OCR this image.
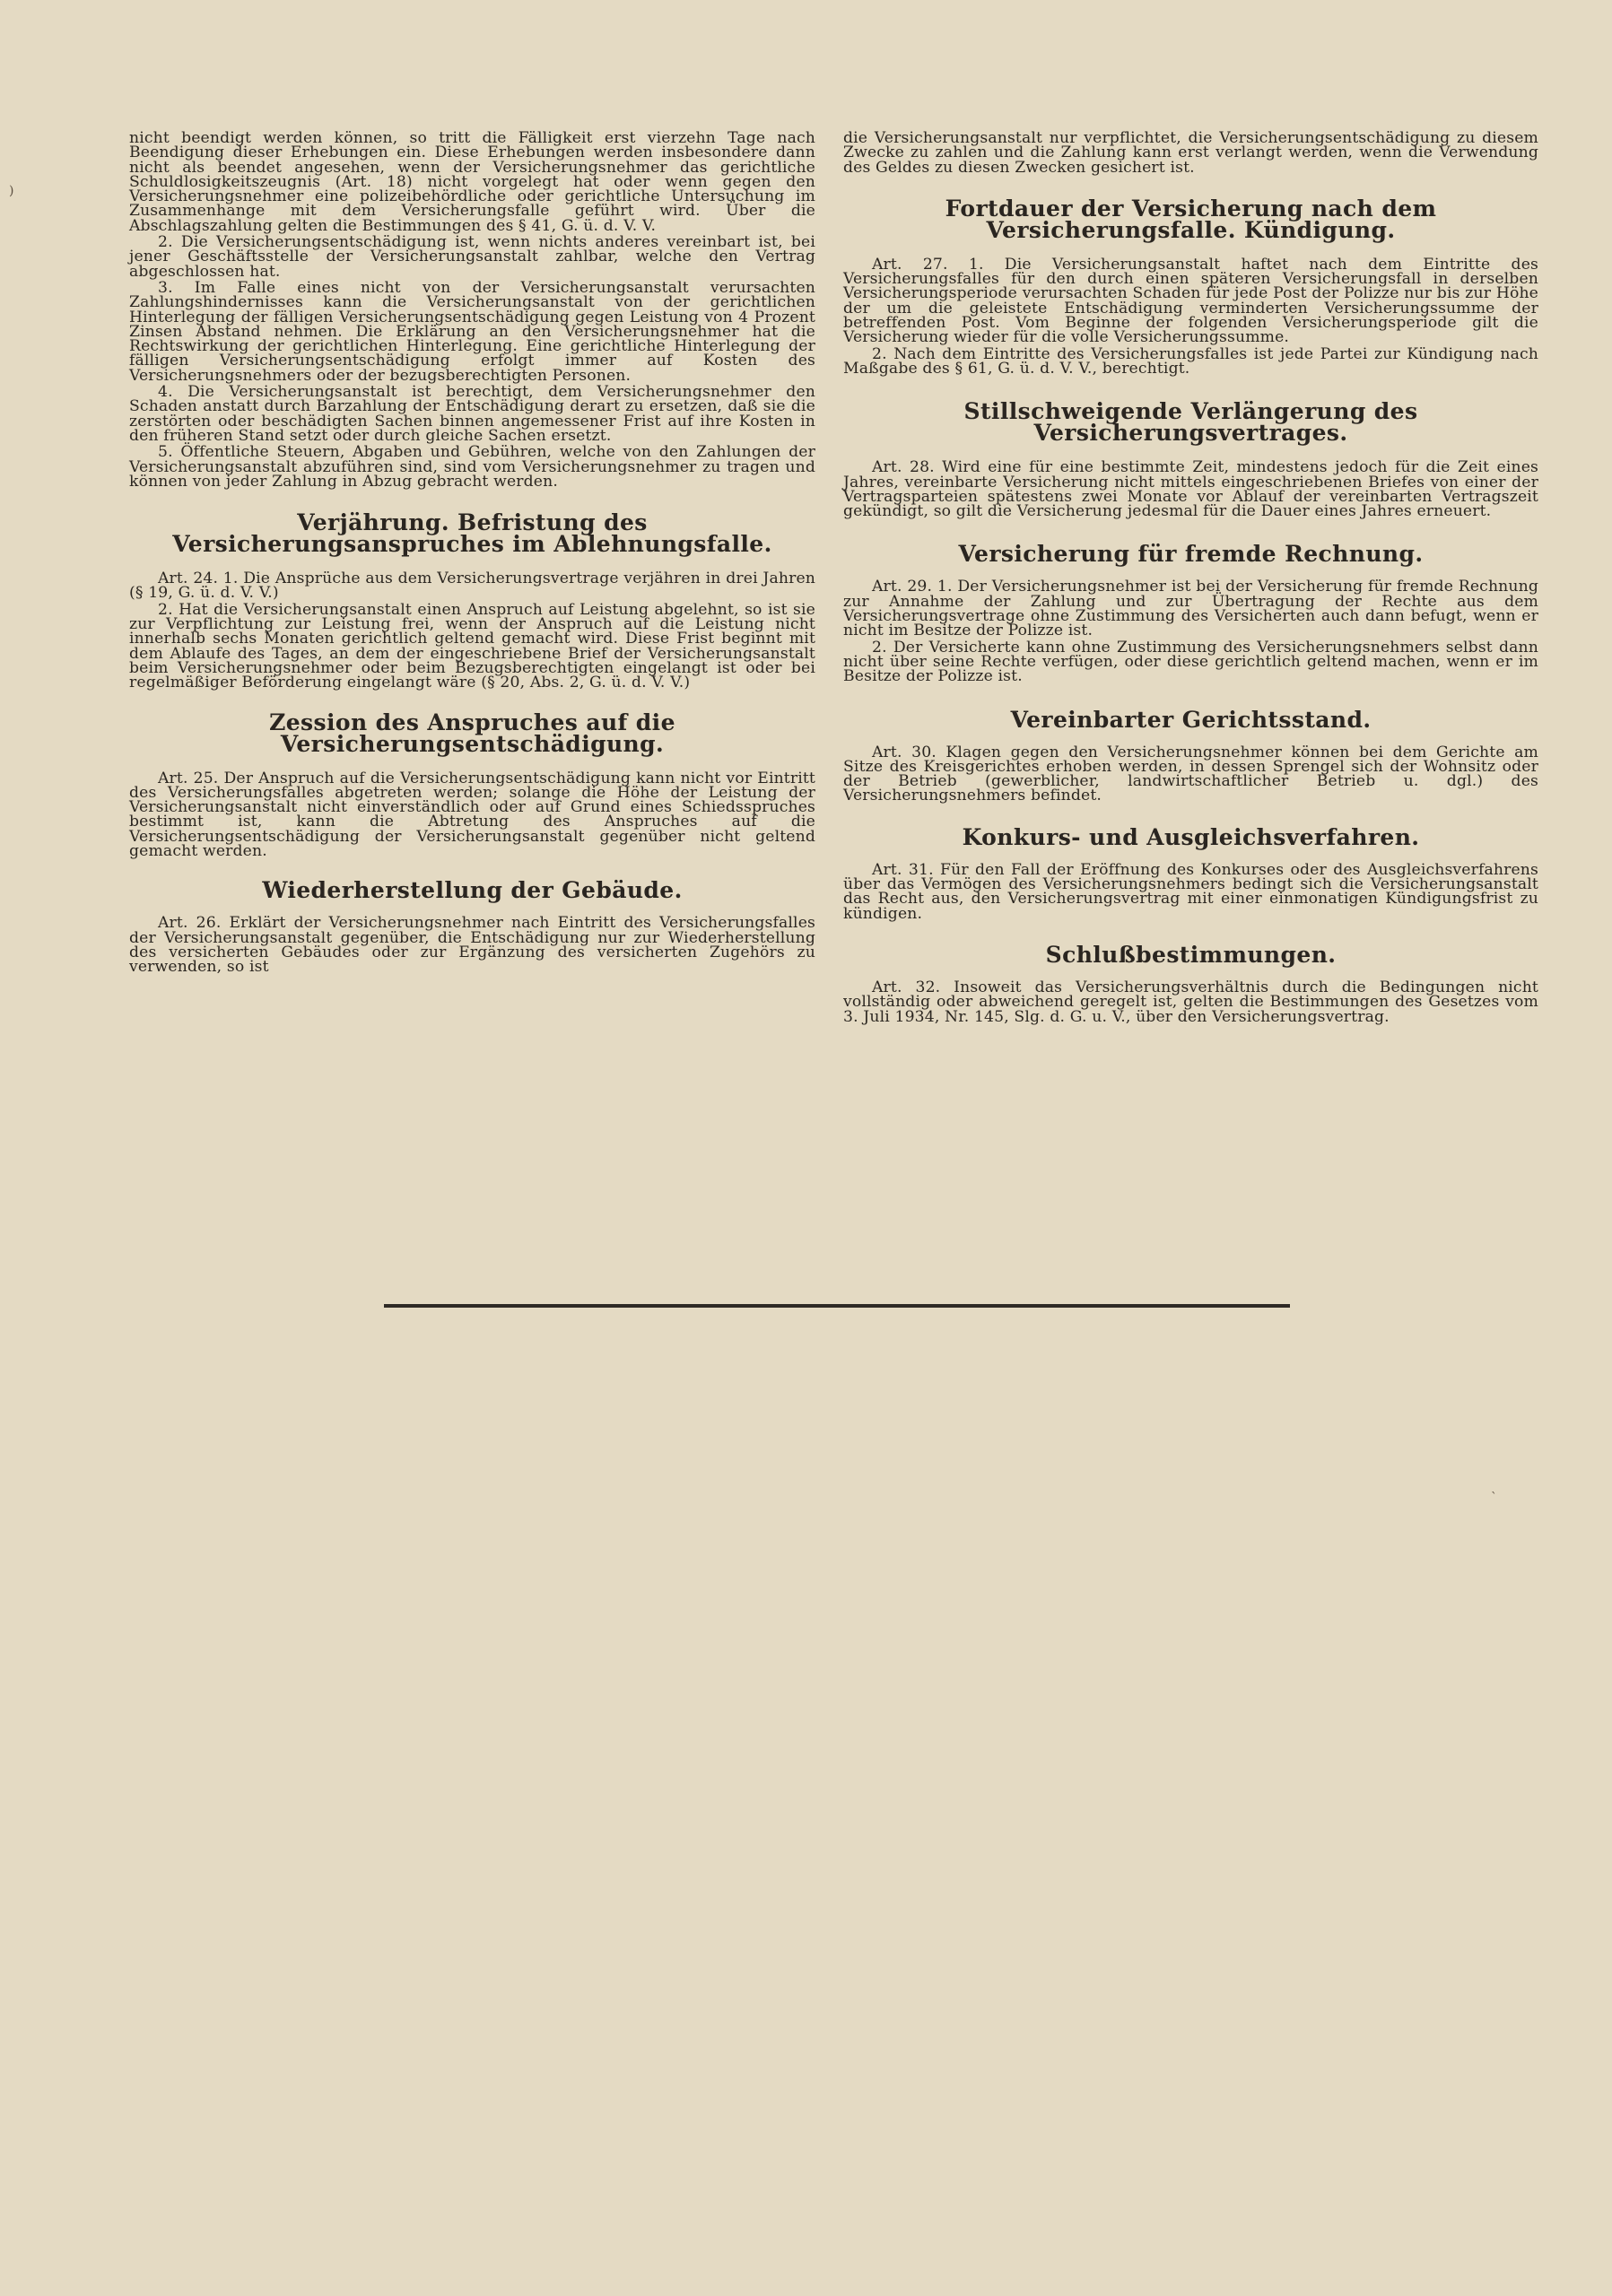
nicht beendigt werden können, so tritt die Fälligkeit erst vierzehn Tage nach Beendigung dieser Erhebungen ein. Diese Erhebungen werden insbesondere dann nicht als beendet angesehen, wenn der Versicherungsnehmer das gerichtliche Schuldlosigkeitszeugnis (Art. 18) nicht vorgelegt hat oder wenn gegen den Versicherungsnehmer eine polizeibehördliche oder gerichtliche Untersuchung im Zusammenhange mit dem Versicherungsfalle geführt wird. Über die Abschlagszahlung gelten die Bestimmungen des § 41, G. ü. d. V. V.

2. Die Versicherungsentschädigung ist, wenn nichts anderes vereinbart ist, bei jener Geschäftsstelle der Versicherungsanstalt zahlbar, welche den Vertrag abgeschlossen hat.

3. Im Falle eines nicht von der Versicherungsanstalt verursachten Zahlungshindernisses kann die Versicherungsanstalt von der gerichtlichen Hinterlegung der fälligen Versicherungsentschädigung gegen Leistung von 4 Prozent Zinsen Abstand nehmen. Die Erklärung an den Versicherungsnehmer hat die Rechtswirkung der gerichtlichen Hinterlegung. Eine gerichtliche Hinterlegung der fälligen Versicherungsentschädigung erfolgt immer auf Kosten des Versicherungsnehmers oder der bezugsberechtigten Personen.

4. Die Versicherungsanstalt ist berechtigt, dem Versicherungsnehmer den Schaden anstatt durch Barzahlung der Entschädigung derart zu ersetzen, daß sie die zerstörten oder beschädigten Sachen binnen angemessener Frist auf ihre Kosten in den früheren Stand setzt oder durch gleiche Sachen ersetzt.

5. Öffentliche Steuern, Abgaben und Gebühren, welche von den Zahlungen der Versicherungsanstalt abzuführen sind, sind vom Versicherungsnehmer zu tragen und können von jeder Zahlung in Abzug gebracht werden.

Verjährung. Befristung des Versicherungsanspruches im Ablehnungsfalle.

Art. 24. 1. Die Ansprüche aus dem Versicherungsvertrage verjähren in drei Jahren (§ 19, G. ü. d. V. V.)

2. Hat die Versicherungsanstalt einen Anspruch auf Leistung abgelehnt, so ist sie zur Verpflichtung zur Leistung frei, wenn der Anspruch auf die Leistung nicht innerhalb sechs Monaten gerichtlich geltend gemacht wird. Diese Frist beginnt mit dem Ablaufe des Tages, an dem der eingeschriebene Brief der Versicherungsanstalt beim Versicherungsnehmer oder beim Bezugsberechtigten eingelangt ist oder bei regelmäßiger Beförderung eingelangt wäre (§ 20, Abs. 2, G. ü. d. V. V.)

Zession des Anspruches auf die Versicherungsentschädigung.

Art. 25. Der Anspruch auf die Versicherungsentschädigung kann nicht vor Eintritt des Versicherungsfalles abgetreten werden; solange die Höhe der Leistung der Versicherungsanstalt nicht einverständlich oder auf Grund eines Schiedsspruches bestimmt ist, kann die Abtretung des Anspruches auf die Versicherungsentschädigung der Versicherungsanstalt gegenüber nicht geltend gemacht werden.

Wiederherstellung der Gebäude.

Art. 26. Erklärt der Versicherungsnehmer nach Eintritt des Versicherungsfalles der Versicherungsanstalt gegenüber, die Entschädigung nur zur Wiederherstellung des versicherten Gebäudes oder zur Ergänzung des versicherten Zugehörs zu verwenden, so ist

die Versicherungsanstalt nur verpflichtet, die Versicherungsentschädigung zu diesem Zwecke zu zahlen und die Zahlung kann erst verlangt werden, wenn die Verwendung des Geldes zu diesen Zwecken gesichert ist.

Fortdauer der Versicherung nach dem Versicherungsfalle. Kündigung.

Art. 27. 1. Die Versicherungsanstalt haftet nach dem Eintritte des Versicherungsfalles für den durch einen späteren Versicherungsfall in derselben Versicherungsperiode verursachten Schaden für jede Post der Polizze nur bis zur Höhe der um die geleistete Entschädigung verminderten Versicherungssumme der betreffenden Post. Vom Beginne der folgenden Versicherungsperiode gilt die Versicherung wieder für die volle Versicherungssumme.

2. Nach dem Eintritte des Versicherungsfalles ist jede Partei zur Kündigung nach Maßgabe des § 61, G. ü. d. V. V., berechtigt.

Stillschweigende Verlängerung des Versicherungsvertrages.

Art. 28. Wird eine für eine bestimmte Zeit, mindestens jedoch für die Zeit eines Jahres, vereinbarte Versicherung nicht mittels eingeschriebenen Briefes von einer der Vertragsparteien spätestens zwei Monate vor Ablauf der vereinbarten Vertragszeit gekündigt, so gilt die Versicherung jedesmal für die Dauer eines Jahres erneuert.

Versicherung für fremde Rechnung.

Art. 29. 1. Der Versicherungsnehmer ist bei der Versicherung für fremde Rechnung zur Annahme der Zahlung und zur Übertragung der Rechte aus dem Versicherungsvertrage ohne Zustimmung des Versicherten auch dann befugt, wenn er nicht im Besitze der Polizze ist.

2. Der Versicherte kann ohne Zustimmung des Versicherungsnehmers selbst dann nicht über seine Rechte verfügen, oder diese gerichtlich geltend machen, wenn er im Besitze der Polizze ist.

Vereinbarter Gerichtsstand.

Art. 30. Klagen gegen den Versicherungsnehmer können bei dem Gerichte am Sitze des Kreisgerichtes erhoben werden, in dessen Sprengel sich der Wohnsitz oder der Betrieb (gewerblicher, landwirtschaftlicher Betrieb u. dgl.) des Versicherungsnehmers befindet.

Konkurs- und Ausgleichsverfahren.

Art. 31. Für den Fall der Eröffnung des Konkurses oder des Ausgleichsverfahrens über das Vermögen des Versicherungsnehmers bedingt sich die Versicherungsanstalt das Recht aus, den Versicherungsvertrag mit einer einmonatigen Kündigungsfrist zu kündigen.

Schlußbestimmungen.

Art. 32. Insoweit das Versicherungsverhältnis durch die Bedingungen nicht vollständig oder abweichend geregelt ist, gelten die Bestimmungen des Gesetzes vom 3. Juli 1934, Nr. 145, Slg. d. G. u. V., über den Versicherungsvertrag.

)
`
